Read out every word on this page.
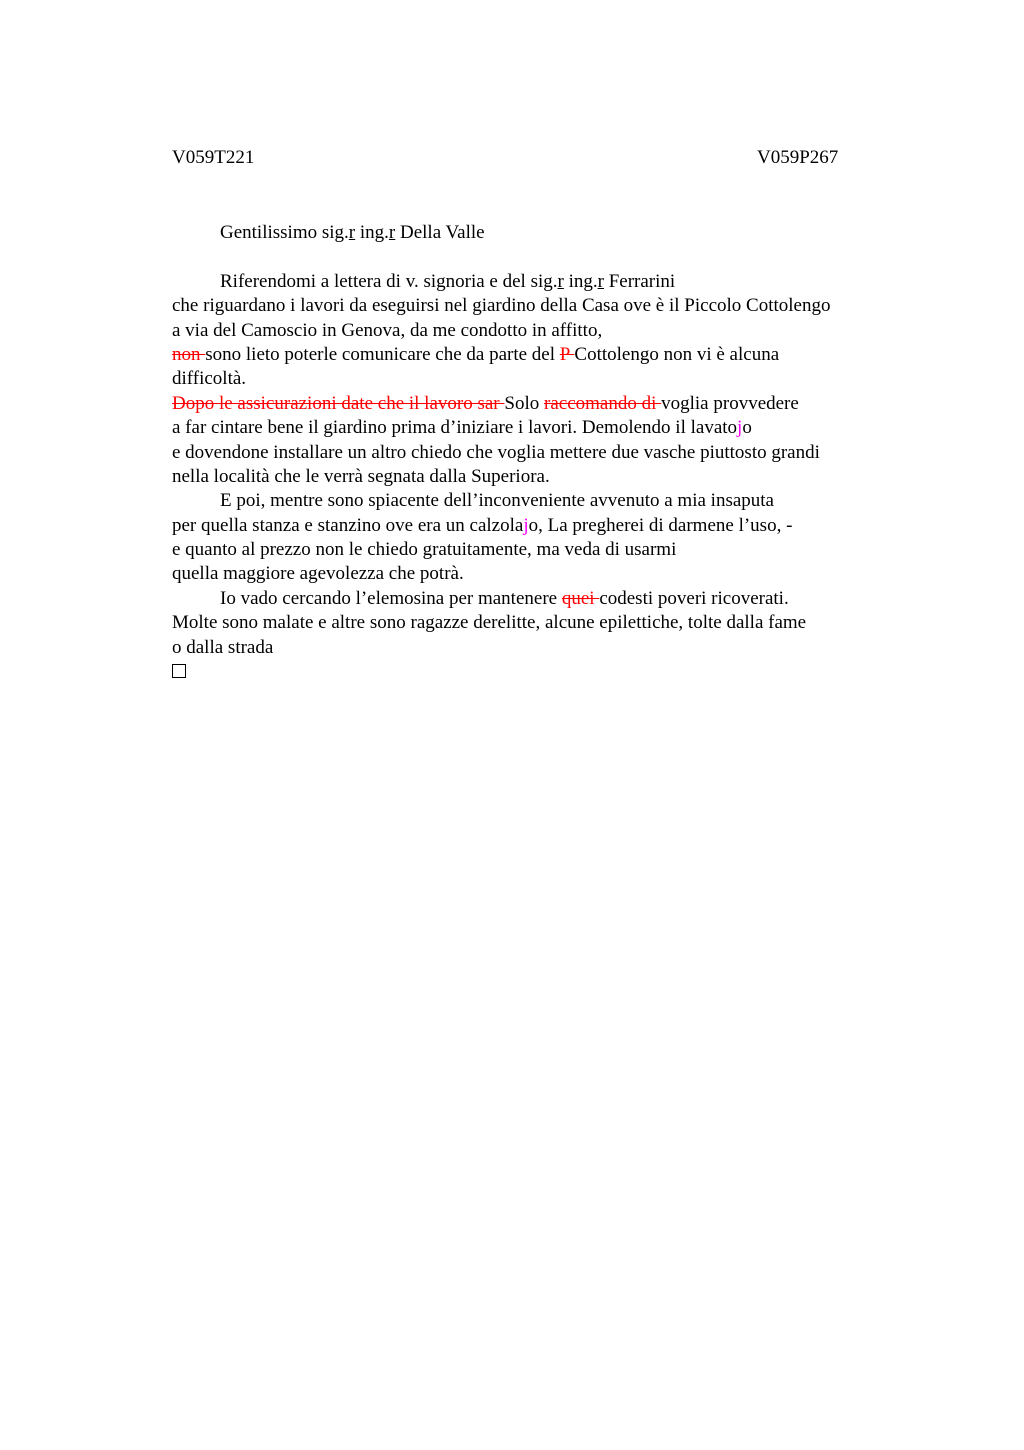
V059T221	V059P267
Gentilissimo sig.r ing.r Della Valle
Riferendomi a lettera di v. signoria e del sig.r ing.r Ferrarini
che riguardano i lavori da eseguirsi nel giardino della Casa ove è il Piccolo Cottolengo
a via del Camoscio in Genova, da me condotto in affitto,
non sono lieto poterle comunicare che da parte del P Cottolengo non vi è alcuna
difficoltà.
Dopo le assicurazioni date che il lavoro sar Solo raccomando di voglia provvedere
a far cintare bene il giardino prima d’iniziare i lavori. Demolendo il lavatojo
e dovendone installare un altro chiedo che voglia mettere due vasche piuttosto grandi
nella località che le verrà segnata dalla Superiora.
E poi, mentre sono spiacente dell’inconveniente avvenuto a mia insaputa
per quella stanza e stanzino ove era un calzolajo, La pregherei di darmene l’uso, -
e quanto al prezzo non le chiedo gratuitamente, ma veda di usarmi
quella maggiore agevolezza che potrà.
Io vado cercando l’elemosina per mantenere quei codesti poveri ricoverati.
Molte sono malate e altre sono ragazze derelitte, alcune epilettiche, tolte dalla fame
o dalla strada
